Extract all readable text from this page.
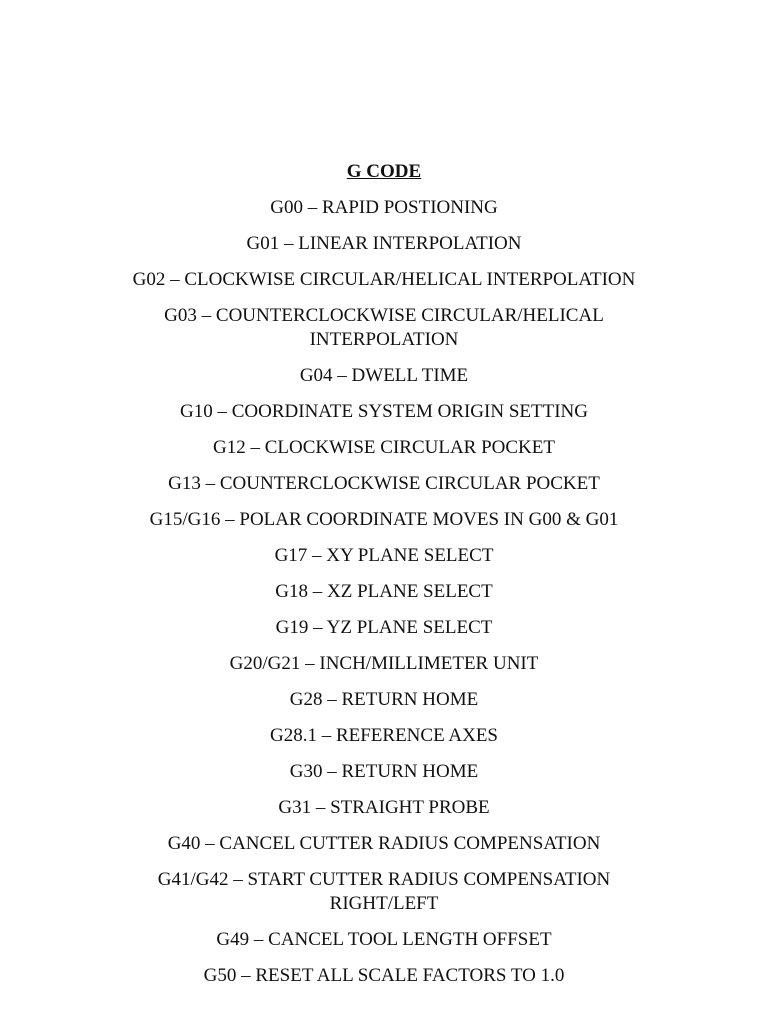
G CODE
G00 – RAPID POSTIONING
G01 – LINEAR INTERPOLATION
G02 – CLOCKWISE CIRCULAR/HELICAL INTERPOLATION
G03 – COUNTERCLOCKWISE CIRCULAR/HELICAL
INTERPOLATION
G04 – DWELL TIME
G10 – COORDINATE SYSTEM ORIGIN SETTING
G12 – CLOCKWISE CIRCULAR POCKET
G13 – COUNTERCLOCKWISE CIRCULAR POCKET
G15/G16 – POLAR COORDINATE MOVES IN G00 & G01
G17 – XY PLANE SELECT
G18 – XZ PLANE SELECT
G19 – YZ PLANE SELECT
G20/G21 – INCH/MILLIMETER UNIT
G28 – RETURN HOME
G28.1 – REFERENCE AXES
G30 – RETURN HOME
G31 – STRAIGHT PROBE
G40 – CANCEL CUTTER RADIUS COMPENSATION
G41/G42 – START CUTTER RADIUS COMPENSATION
RIGHT/LEFT
G49 – CANCEL TOOL LENGTH OFFSET
G50 – RESET ALL SCALE FACTORS TO 1.0
